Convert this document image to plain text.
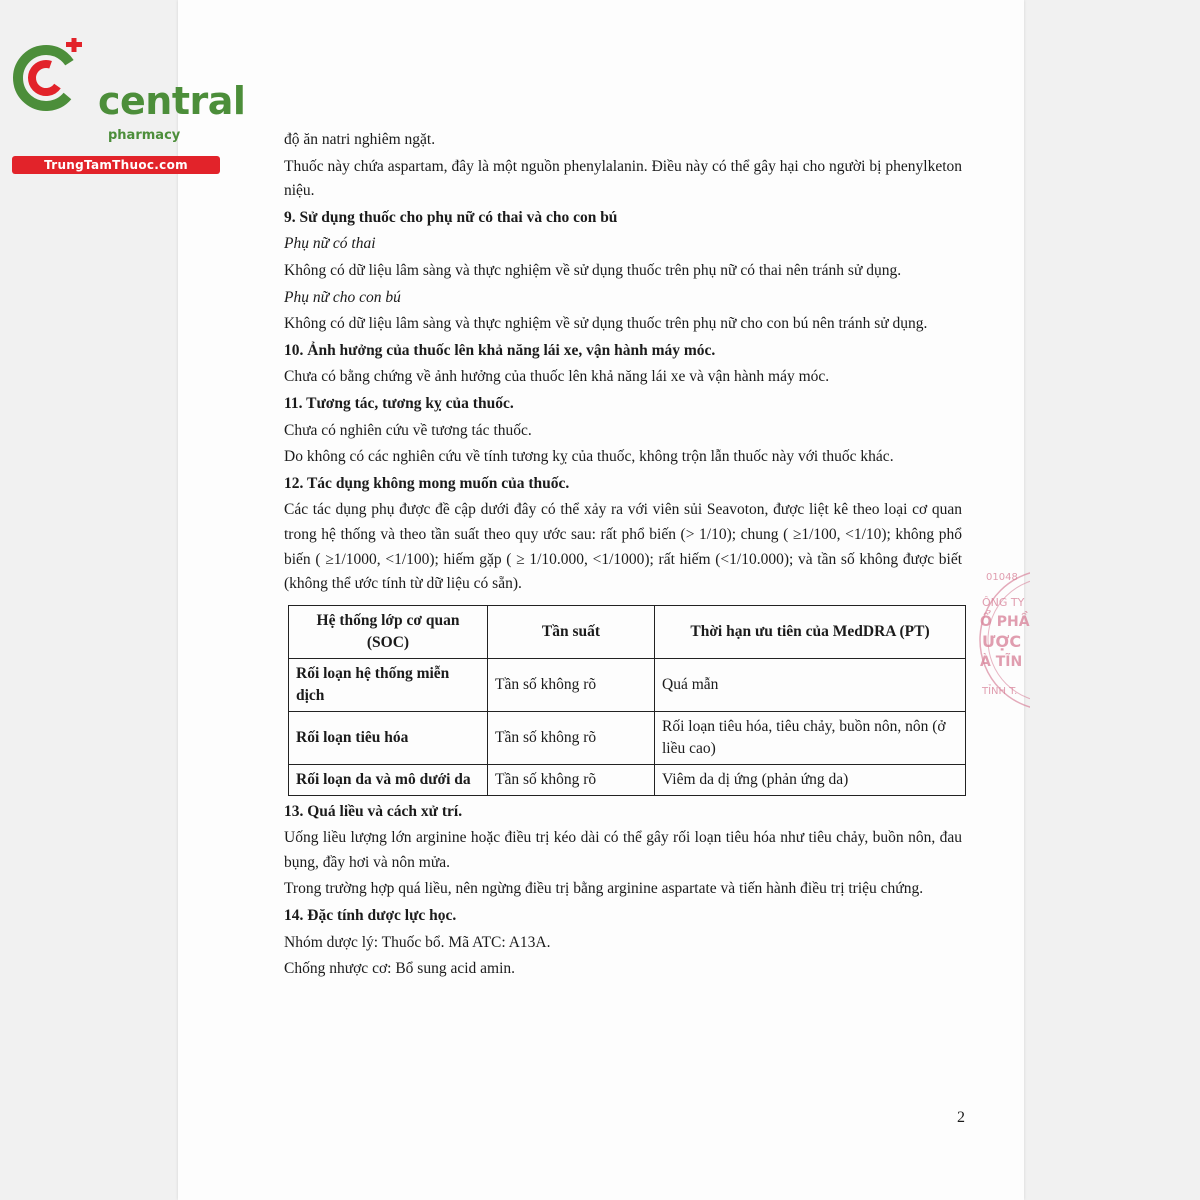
central
pharmacy
TrungTamThuoc.com

độ ăn natri nghiêm ngặt.

Thuốc này chứa aspartam, đây là một nguồn phenylalanin. Điều này có thể gây hại cho người bị phenylketon niệu.

9. Sử dụng thuốc cho phụ nữ có thai và cho con bú

Phụ nữ có thai

Không có dữ liệu lâm sàng và thực nghiệm về sử dụng thuốc trên phụ nữ có thai nên tránh sử dụng.

Phụ nữ cho con bú

Không có dữ liệu lâm sàng và thực nghiệm về sử dụng thuốc trên phụ nữ cho con bú nên tránh sử dụng.

10. Ảnh hưởng của thuốc lên khả năng lái xe, vận hành máy móc.

Chưa có bằng chứng về ảnh hưởng của thuốc lên khả năng lái xe và vận hành máy móc.

11. Tương tác, tương kỵ của thuốc.

Chưa có nghiên cứu về tương tác thuốc.

Do không có các nghiên cứu về tính tương kỵ của thuốc, không trộn lẫn thuốc này với thuốc khác.

12. Tác dụng không mong muốn của thuốc.

Các tác dụng phụ được đề cập dưới đây có thể xảy ra với viên sủi Seavoton, được liệt kê theo loại cơ quan trong hệ thống và theo tần suất theo quy ước sau: rất phổ biến (> 1/10); chung ( ≥1/100, <1/10); không phổ biến ( ≥1/1000, <1/100); hiếm gặp ( ≥ 1/10.000, <1/1000); rất hiếm (<1/10.000); và tần số không được biết (không thể ước tính từ dữ liệu có sẵn).

Hệ thống lớp cơ quan (SOC)	Tần suất	Thời hạn ưu tiên của MedDRA (PT)
Rối loạn hệ thống miễn dịch	Tần số không rõ	Quá mẫn
Rối loạn tiêu hóa	Tần số không rõ	Rối loạn tiêu hóa, tiêu chảy, buồn nôn, nôn (ở liều cao)
Rối loạn da và mô dưới da	Tần số không rõ	Viêm da dị ứng (phản ứng da)
13. Quá liều và cách xử trí.

Uống liều lượng lớn arginine hoặc điều trị kéo dài có thể gây rối loạn tiêu hóa như tiêu chảy, buồn nôn, đau bụng, đầy hơi và nôn mửa.

Trong trường hợp quá liều, nên ngừng điều trị bằng arginine aspartate và tiến hành điều trị triệu chứng.

14. Đặc tính dược lực học.

Nhóm dược lý: Thuốc bổ. Mã ATC: A13A.

Chống nhược cơ: Bổ sung acid amin.

2
01048
ÔNG TY
Ổ PHẦ
ƯỢC
À TĨN
TỈNH T.
